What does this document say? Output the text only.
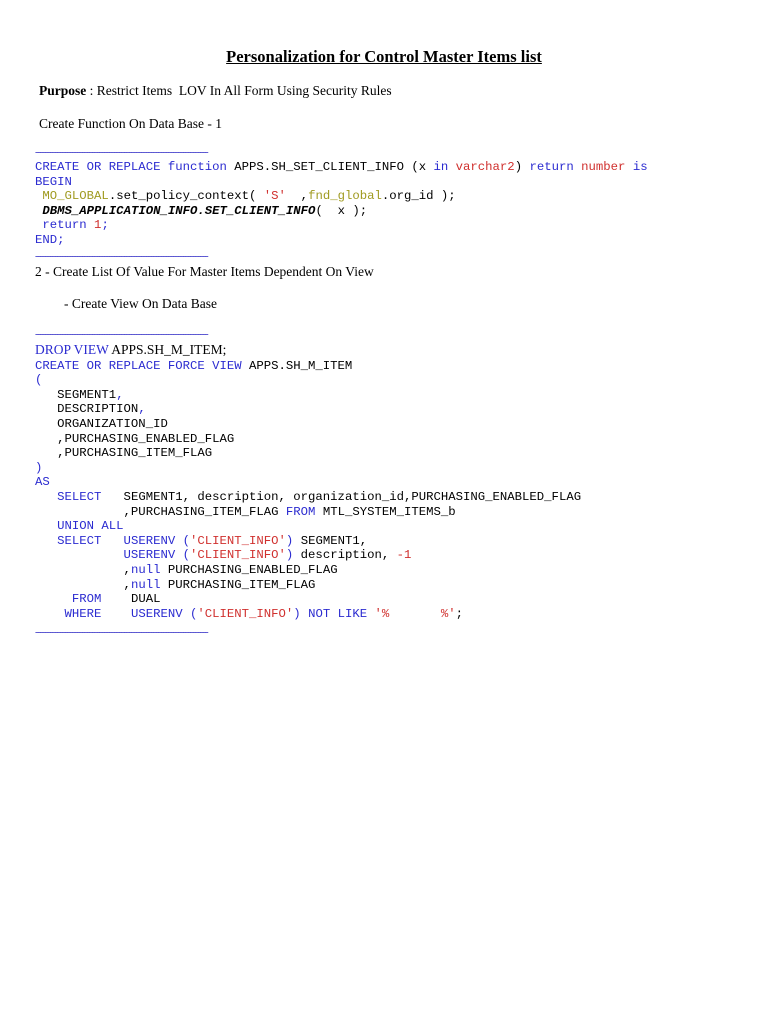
Personalization for Control Master Items list
Purpose : Restrict Items  LOV In All Form Using Security Rules
Create Function On Data Base - 1
----------------------------------------------------------------------
CREATE OR REPLACE function APPS.SH_SET_CLIENT_INFO (x in varchar2) return number is
BEGIN
MO_GLOBAL.set_policy_context( 'S'  ,fnd_global.org_id );
DBMS_APPLICATION_INFO.SET_CLIENT_INFO(  x );
return 1;
END;
----------------------------------------------------------------------
2 - Create List Of Value For Master Items Dependent On View
- Create View On Data Base
----------------------------------------------------------------------
DROP VIEW APPS.SH_M_ITEM;
CREATE OR REPLACE FORCE VIEW APPS.SH_M_ITEM
(
SEGMENT1,
DESCRIPTION,
ORGANIZATION_ID
,PURCHASING_ENABLED_FLAG
,PURCHASING_ITEM_FLAG
)
AS
SELECT   SEGMENT1, description, organization_id,PURCHASING_ENABLED_FLAG
,PURCHASING_ITEM_FLAG FROM MTL_SYSTEM_ITEMS_b
UNION ALL
SELECT   USERENV ('CLIENT_INFO') SEGMENT1,
USERENV ('CLIENT_INFO') description, -1
,null PURCHASING_ENABLED_FLAG
,null PURCHASING_ITEM_FLAG
FROM    DUAL
WHERE    USERENV ('CLIENT_INFO') NOT LIKE '%       %';
----------------------------------------------------------------------
